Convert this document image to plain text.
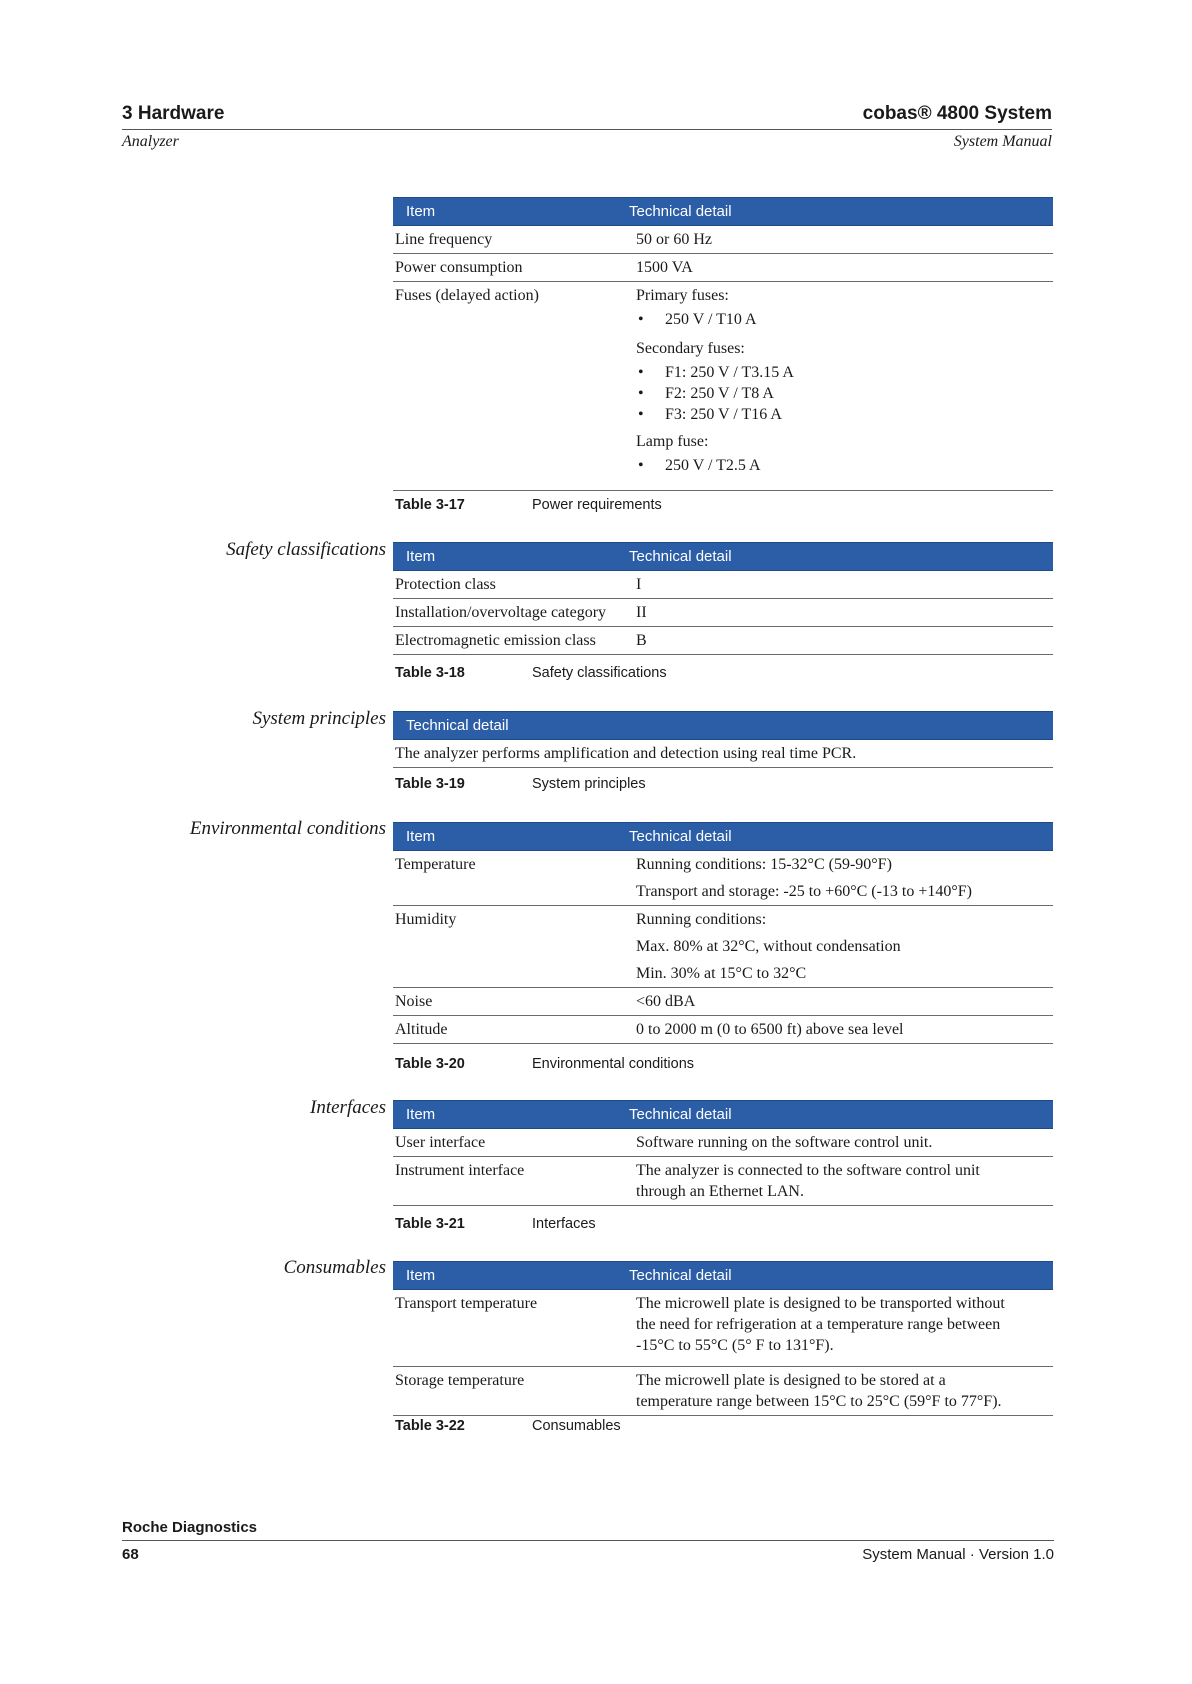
3 Hardware	cobas® 4800 System
Analyzer	System Manual
Item	Technical detail
Line frequency	50 or 60 Hz
Power consumption	1500 VA
Fuses (delayed action)	Primary fuses:
• 250 V / T10 A
Secondary fuses:
• F1: 250 V / T3.15 A
• F2: 250 V / T8 A
• F3: 250 V / T16 A
Lamp fuse:
• 250 V / T2.5 A
Table 3-17	Power requirements
Safety classifications	Item	Technical detail
Protection class	I
Installation/overvoltage category	II
Electromagnetic emission class	B
Table 3-18	Safety classifications
System principles	Technical detail
The analyzer performs amplification and detection using real time PCR.
Table 3-19	System principles
Environmental conditions	Item	Technical detail
Temperature	Running conditions: 15-32°C (59-90°F)
Transport and storage: -25 to +60°C (-13 to +140°F)
Humidity	Running conditions:
Max. 80% at 32°C, without condensation
Min. 30% at 15°C to 32°C
Noise	<60 dBA
Altitude	0 to 2000 m (0 to 6500 ft) above sea level
Table 3-20	Environmental conditions
Interfaces	Item	Technical detail
User interface	Software running on the software control unit.
Instrument interface	The analyzer is connected to the software control unit
through an Ethernet LAN.
Table 3-21	Interfaces
Consumables	Item	Technical detail
Transport temperature	The microwell plate is designed to be transported without
the need for refrigeration at a temperature range between
-15°C to 55°C (5° F to 131°F).
Storage temperature	The microwell plate is designed to be stored at a
temperature range between 15°C to 25°C (59°F to 77°F).
Table 3-22	Consumables
Roche Diagnostics
68	System Manual · Version 1.0
